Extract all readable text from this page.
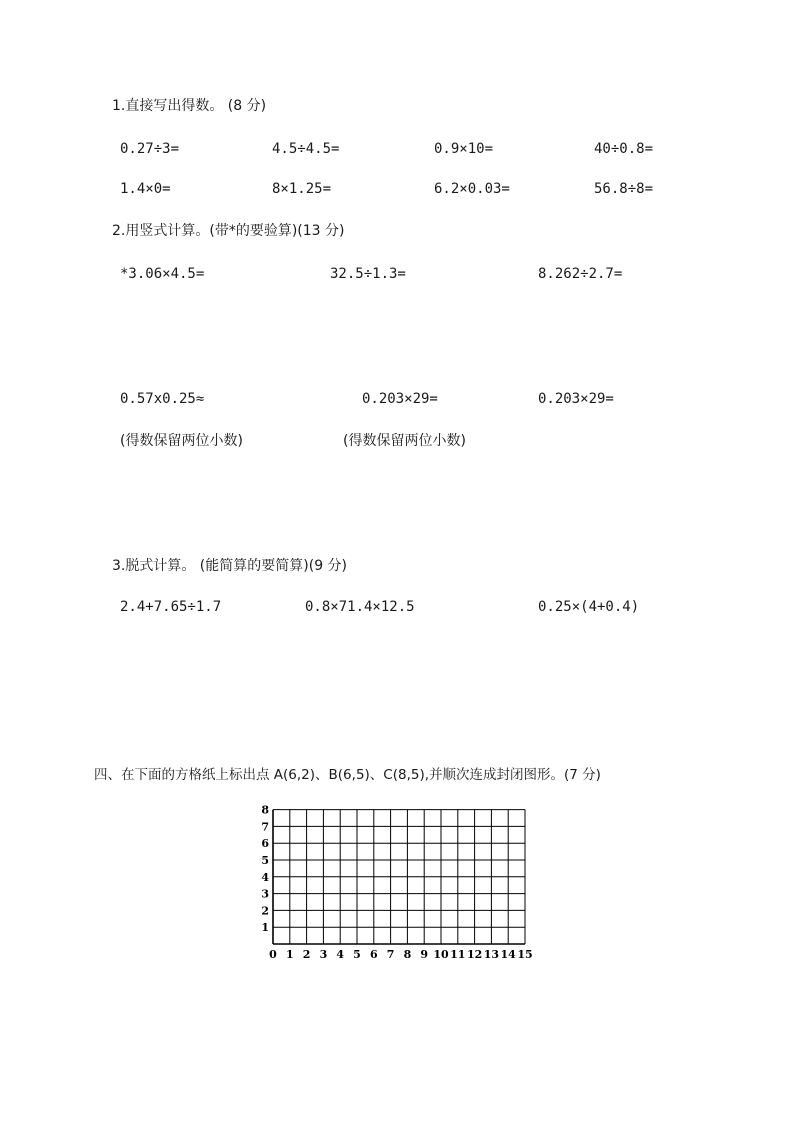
1.直接写出得数。 (8 分)
0.27÷3=	4.5÷4.5=	0.9×10=	40÷0.8=
1.4×0=	8×1.25=	6.2×0.03=	56.8÷8=
2.用竖式计算。(带*的要验算)(13 分)
*3.06×4.5=	32.5÷1.3=	8.262÷2.7=
0.57x0.25≈	0.203×29=	0.203×29=
(得数保留两位小数)	(得数保留两位小数)
3.脱式计算。 (能简算的要简算)(9 分)
2.4+7.65÷1.7	0.8×71.4×12.5	0.25×(4+0.4)
四、在下面的方格纸上标出点 A(6,2)、B(6,5)、C(8,5),并顺次连成封闭图形。(7 分)
0 1 2 3 4 5 6 7 8 9 10 11 12 13 14 15
1
2
3
4
5
6
7
8
